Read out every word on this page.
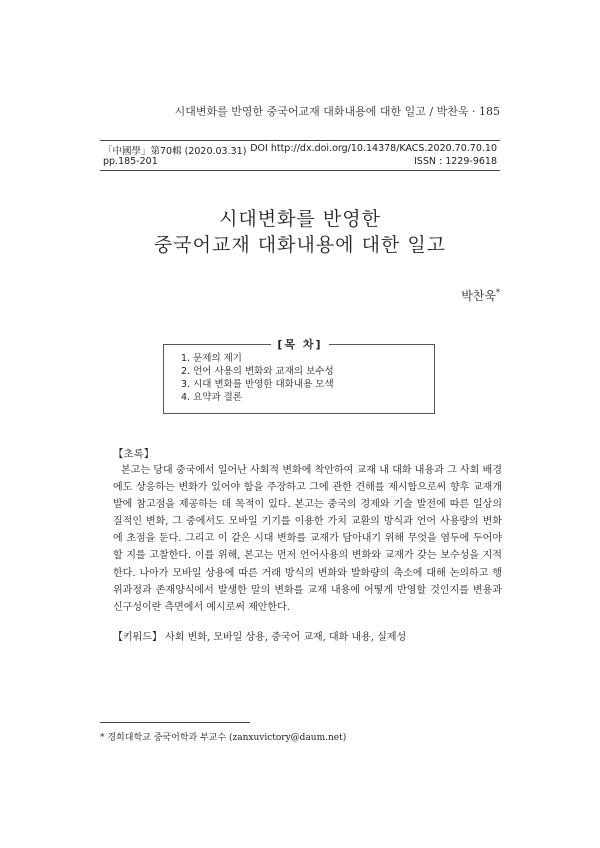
시대변화를 반영한 중국어교재 대화내용에 대한 일고 / 박찬욱 · 185
「中國學」第70輯 (2020.03.31) DOI http://dx.doi.org/10.14378/KACS.2020.70.70.10
pp.185-201	ISSN : 1229-9618
시대변화를 반영한
중국어교재 대화내용에 대한 일고
박찬욱*
[목 차]
1. 문제의 제기
2. 언어 사용의 변화와 교재의 보수성
3. 시대 변화를 반영한 대화내용 모색
4. 요약과 결론
【초록】

본고는 당대 중국에서 일어난 사회적 변화에 착안하여 교재 내 대화 내용과 그 사회 배경에도 상응하는 변화가 있어야 함을 주장하고 그에 관한 견해를 제시함으로써 향후 교재개발에 참고점을 제공하는 데 목적이 있다. 본고는 중국의 경제와 기술 발전에 따른 일상의 질적인 변화, 그 중에서도 모바일 기기를 이용한 가치 교환의 방식과 언어 사용량의 변화에 초점을 둔다. 그리고 이 같은 시대 변화를 교재가 담아내기 위해 무엇을 염두에 두어야할 지를 고찰한다. 이를 위해, 본고는 먼저 언어사용의 변화와 교재가 갖는 보수성을 지적한다. 나아가 모바일 상용에 따른 거래 방식의 변화와 발화량의 축소에 대해 논의하고 행위과정과 존재양식에서 발생한 말의 변화를 교재 내용에 어떻게 반영할 것인지를 변용과 신구성이란 측면에서 예시로써 제안한다.

【키워드】 사회 변화, 모바일 상용, 중국어 교재, 대화 내용, 실제성
* 경희대학교 중국어학과 부교수 (zanxuvictory@daum.net)
